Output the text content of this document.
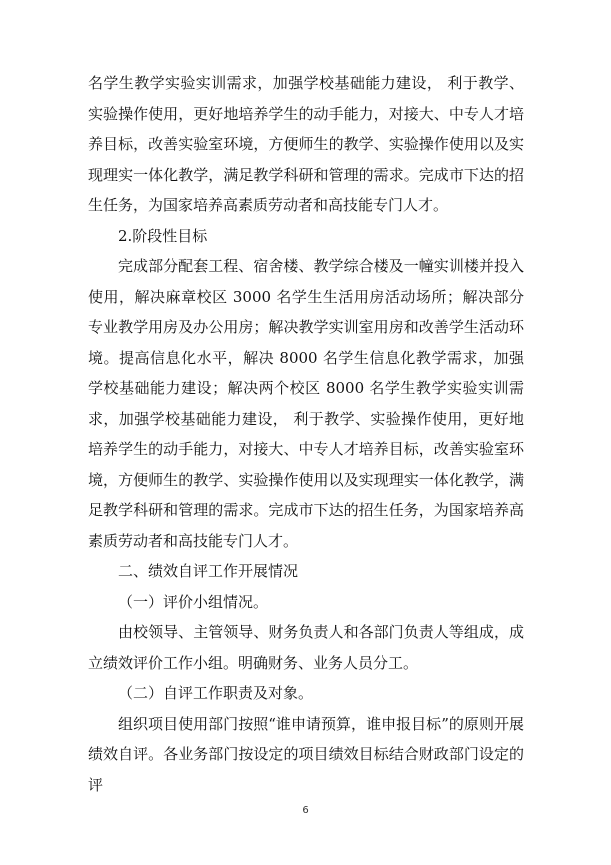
名学生教学实验实训需求，加强学校基础能力建设， 利于教学、实验操作使用，更好地培养学生的动手能力，对接大、中专人才培养目标，改善实验室环境，方便师生的教学、实验操作使用以及实现理实一体化教学，满足教学科研和管理的需求。完成市下达的招生任务，为国家培养高素质劳动者和高技能专门人才。

2.阶段性目标

完成部分配套工程、宿舍楼、教学综合楼及一幢实训楼并投入使用，解决麻章校区 3000 名学生生活用房活动场所；解决部分专业教学用房及办公用房；解决教学实训室用房和改善学生活动环境。提高信息化水平，解决 8000 名学生信息化教学需求，加强学校基础能力建设；解决两个校区 8000 名学生教学实验实训需求，加强学校基础能力建设， 利于教学、实验操作使用，更好地培养学生的动手能力，对接大、中专人才培养目标，改善实验室环境，方便师生的教学、实验操作使用以及实现理实一体化教学，满足教学科研和管理的需求。完成市下达的招生任务，为国家培养高素质劳动者和高技能专门人才。

二、绩效自评工作开展情况

（一）评价小组情况。

由校领导、主管领导、财务负责人和各部门负责人等组成，成立绩效评价工作小组。明确财务、业务人员分工。

（二）自评工作职责及对象。

组织项目使用部门按照“谁申请预算，谁申报目标”的原则开展绩效自评。各业务部门按设定的项目绩效目标结合财政部门设定的评

6
